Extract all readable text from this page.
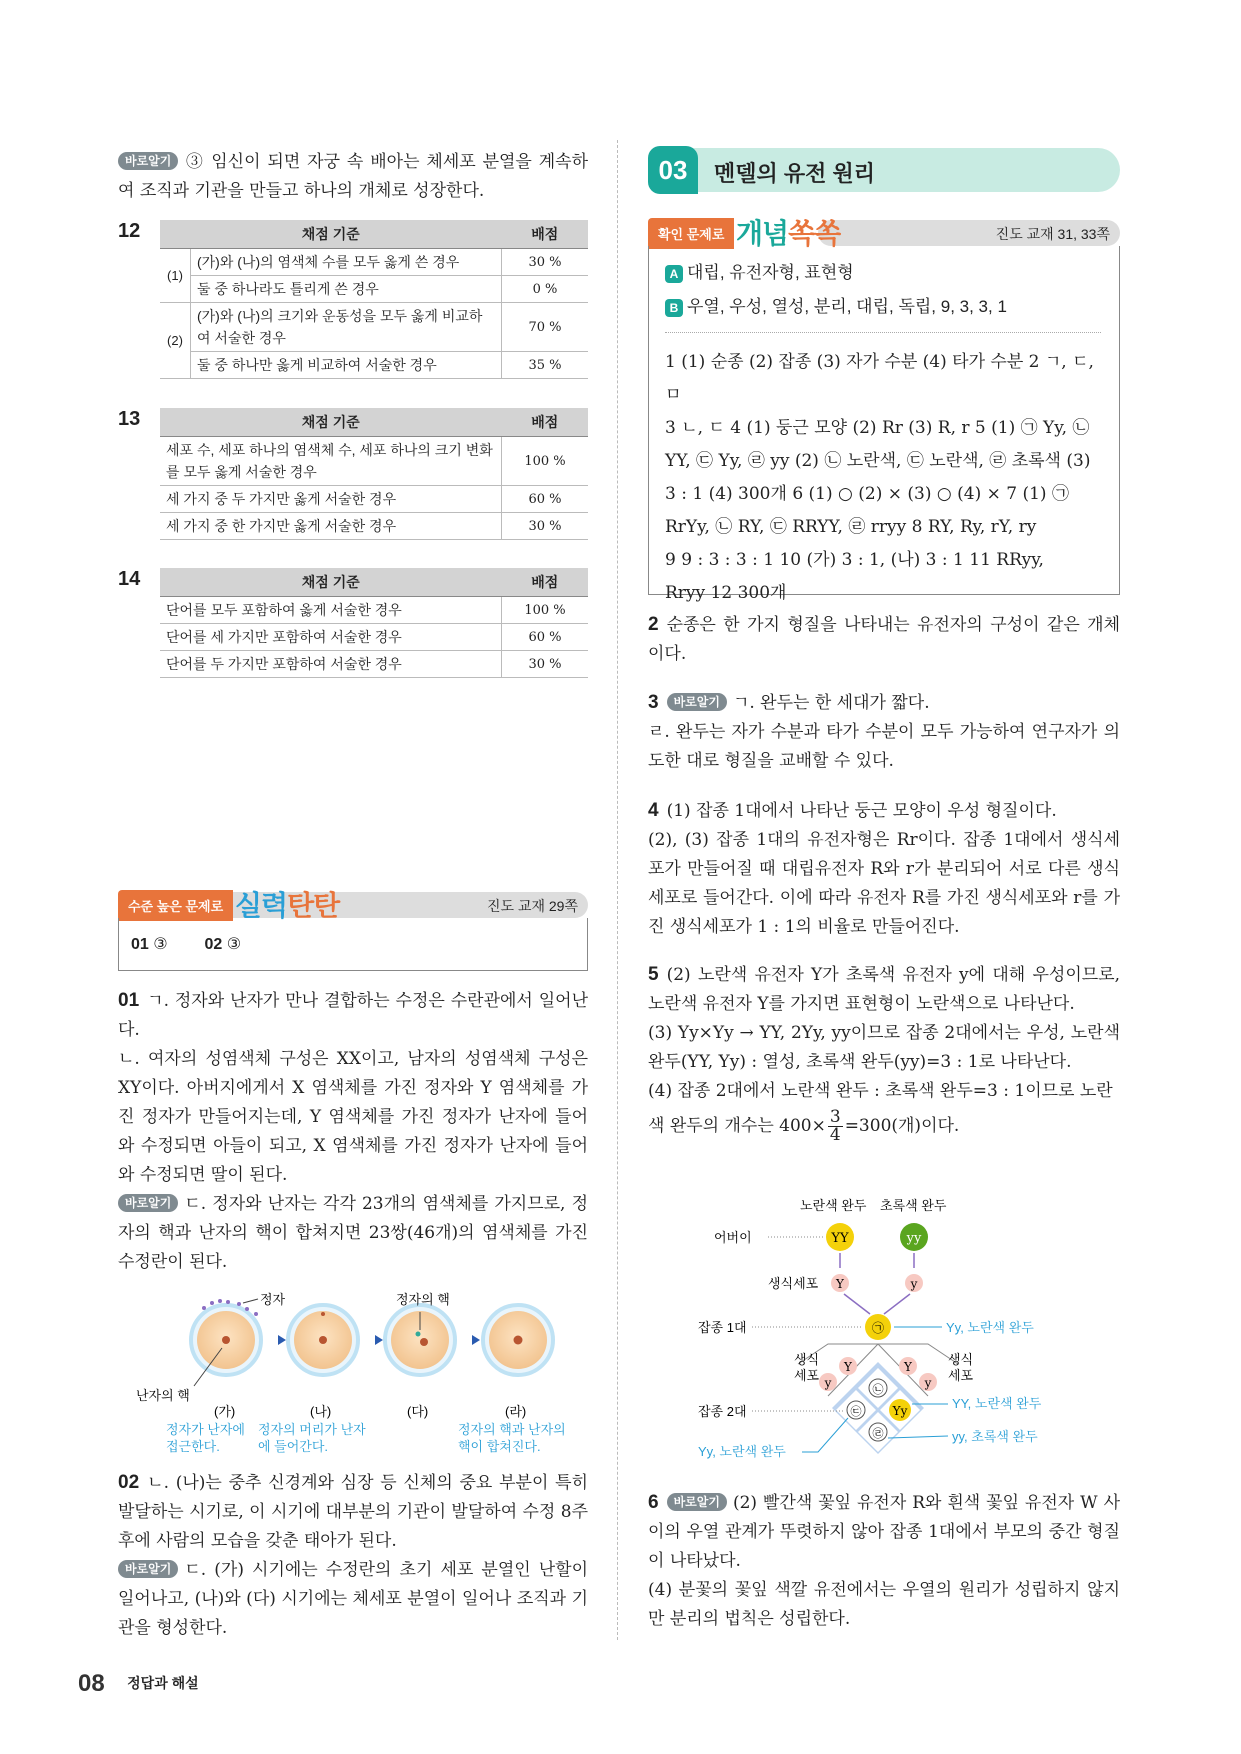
바로알기 ③ 임신이 되면 자궁 속 배아는 체세포 분열을 계속하여 조직과 기관을 만들고 하나의 개체로 성장한다.

12	채점 기준		배점
(1)	(가)와 (나)의 염색체 수를 모두 옳게 쓴 경우	30 %
	둘 중 하나라도 틀리게 쓴 경우	0 %
(2)	(가)와 (나)의 크기와 운동성을 모두 옳게 비교하여 서술한 경우	70 %
	둘 중 하나만 옳게 비교하여 서술한 경우	35 %
13	채점 기준	배점
세포 수, 세포 하나의 염색체 수, 세포 하나의 크기 변화를 모두 옳게 서술한 경우	100 %
세 가지 중 두 가지만 옳게 서술한 경우	60 %
세 가지 중 한 가지만 옳게 서술한 경우	30 %
14	채점 기준	배점
단어를 모두 포함하여 옳게 서술한 경우	100 %
단어를 세 가지만 포함하여 서술한 경우	60 %
단어를 두 가지만 포함하여 서술한 경우	30 %
수준 높은 문제로 실력탄탄	진도 교재 29쪽
01 ③ 02 ③

01 ㄱ. 정자와 난자가 만나 결합하는 수정은 수란관에서 일어난다.

ㄴ. 여자의 성염색체 구성은 XX이고, 남자의 성염색체 구성은 XY이다. 아버지에게서 X 염색체를 가진 정자와 Y 염색체를 가진 정자가 만들어지는데, Y 염색체를 가진 정자가 난자에 들어와 수정되면 아들이 되고, X 염색체를 가진 정자가 난자에 들어와 수정되면 딸이 된다.

바로알기 ㄷ. 정자와 난자는 각각 23개의 염색체를 가지므로, 정자의 핵과 난자의 핵이 합쳐지면 23쌍(46개)의 염색체를 가진 수정란이 된다.

정자	정자의 핵
난자의 핵
(가)	(나)	(다)	(라)
정자가 난자에
접근한다.
정자의 머리가 난자
에 들어간다.
정자의 핵과 난자의
핵이 합쳐진다.

02 ㄴ. (나)는 중추 신경계와 심장 등 신체의 중요 부분이 특히 발달하는 시기로, 이 시기에 대부분의 기관이 발달하여 수정 8주 후에 사람의 모습을 갖춘 태아가 된다.

바로알기 ㄷ. (가) 시기에는 수정란의 초기 세포 분열인 난할이 일어나고, (나)와 (다) 시기에는 체세포 분열이 일어나 조직과 기관을 형성한다.

03	멘델의 유전 원리
확인 문제로 개념쏙쏙	진도 교재 31, 33쪽
A 대립, 유전자형, 표현형
B 우열, 우성, 열성, 분리, 대립, 독립, 9, 3, 3, 1
1 (1) 순종 (2) 잡종 (3) 자가 수분 (4) 타가 수분 2 ㄱ, ㄷ, ㅁ
3 ㄴ, ㄷ 4 (1) 둥근 모양 (2) Rr (3) R, r 5 (1) ㉠ Yy, ㉡
YY, ㉢ Yy, ㉣ yy (2) ㉡ 노란색, ㉢ 노란색, ㉣ 초록색 (3)
3 : 1 (4) 300개 6 (1) ○ (2) × (3) ○ (4) × 7 (1) ㉠
RrYy, ㉡ RY, ㉢ RRYY, ㉣ rryy 8 RY, Ry, rY, ry
9 9 : 3 : 3 : 1 10 (가) 3 : 1, (나) 3 : 1 11 RRyy,
Rryy 12 300개

2 순종은 한 가지 형질을 나타내는 유전자의 구성이 같은 개체이다.

3 바로알기 ㄱ. 완두는 한 세대가 짧다.

ㄹ. 완두는 자가 수분과 타가 수분이 모두 가능하여 연구자가 의도한 대로 형질을 교배할 수 있다.

4 (1) 잡종 1대에서 나타난 둥근 모양이 우성 형질이다.

(2), (3) 잡종 1대의 유전자형은 Rr이다. 잡종 1대에서 생식세포가 만들어질 때 대립유전자 R와 r가 분리되어 서로 다른 생식세포로 들어간다. 이에 따라 유전자 R를 가진 생식세포와 r를 가진 생식세포가 1 : 1의 비율로 만들어진다.

5 (2) 노란색 유전자 Y가 초록색 유전자 y에 대해 우성이므로, 노란색 유전자 Y를 가지면 표현형이 노란색으로 나타난다.

(3) Yy×Yy → YY, 2Yy, yy이므로 잡종 2대에서는 우성, 노란색 완두(YY, Yy) : 열성, 초록색 완두(yy)=3 : 1로 나타난다.

(4) 잡종 2대에서 노란색 완두 : 초록색 완두=3 : 1이므로 노란

색 완두의 개수는 $400\times \frac{3}{4} =300$(개)이다.

노란색 완두 초록색 완두
어버이	YY	yy
생식세포 Y	y
잡종 1대	㉠	Yy, 노란색 완두
생식
세포
생식
세포
Y
y
Y
y
㉡
㉢	Yy
㉣
잡종 2대
YY, 노란색 완두
yy, 초록색 완두
Yy, 노란색 완두

6 바로알기 (2) 빨간색 꽃잎 유전자 R와 흰색 꽃잎 유전자 W 사이의 우열 관계가 뚜렷하지 않아 잡종 1대에서 부모의 중간 형질이 나타났다.

(4) 분꽃의 꽃잎 색깔 유전에서는 우열의 원리가 성립하지 않지만 분리의 법칙은 성립한다.

08 정답과 해설
